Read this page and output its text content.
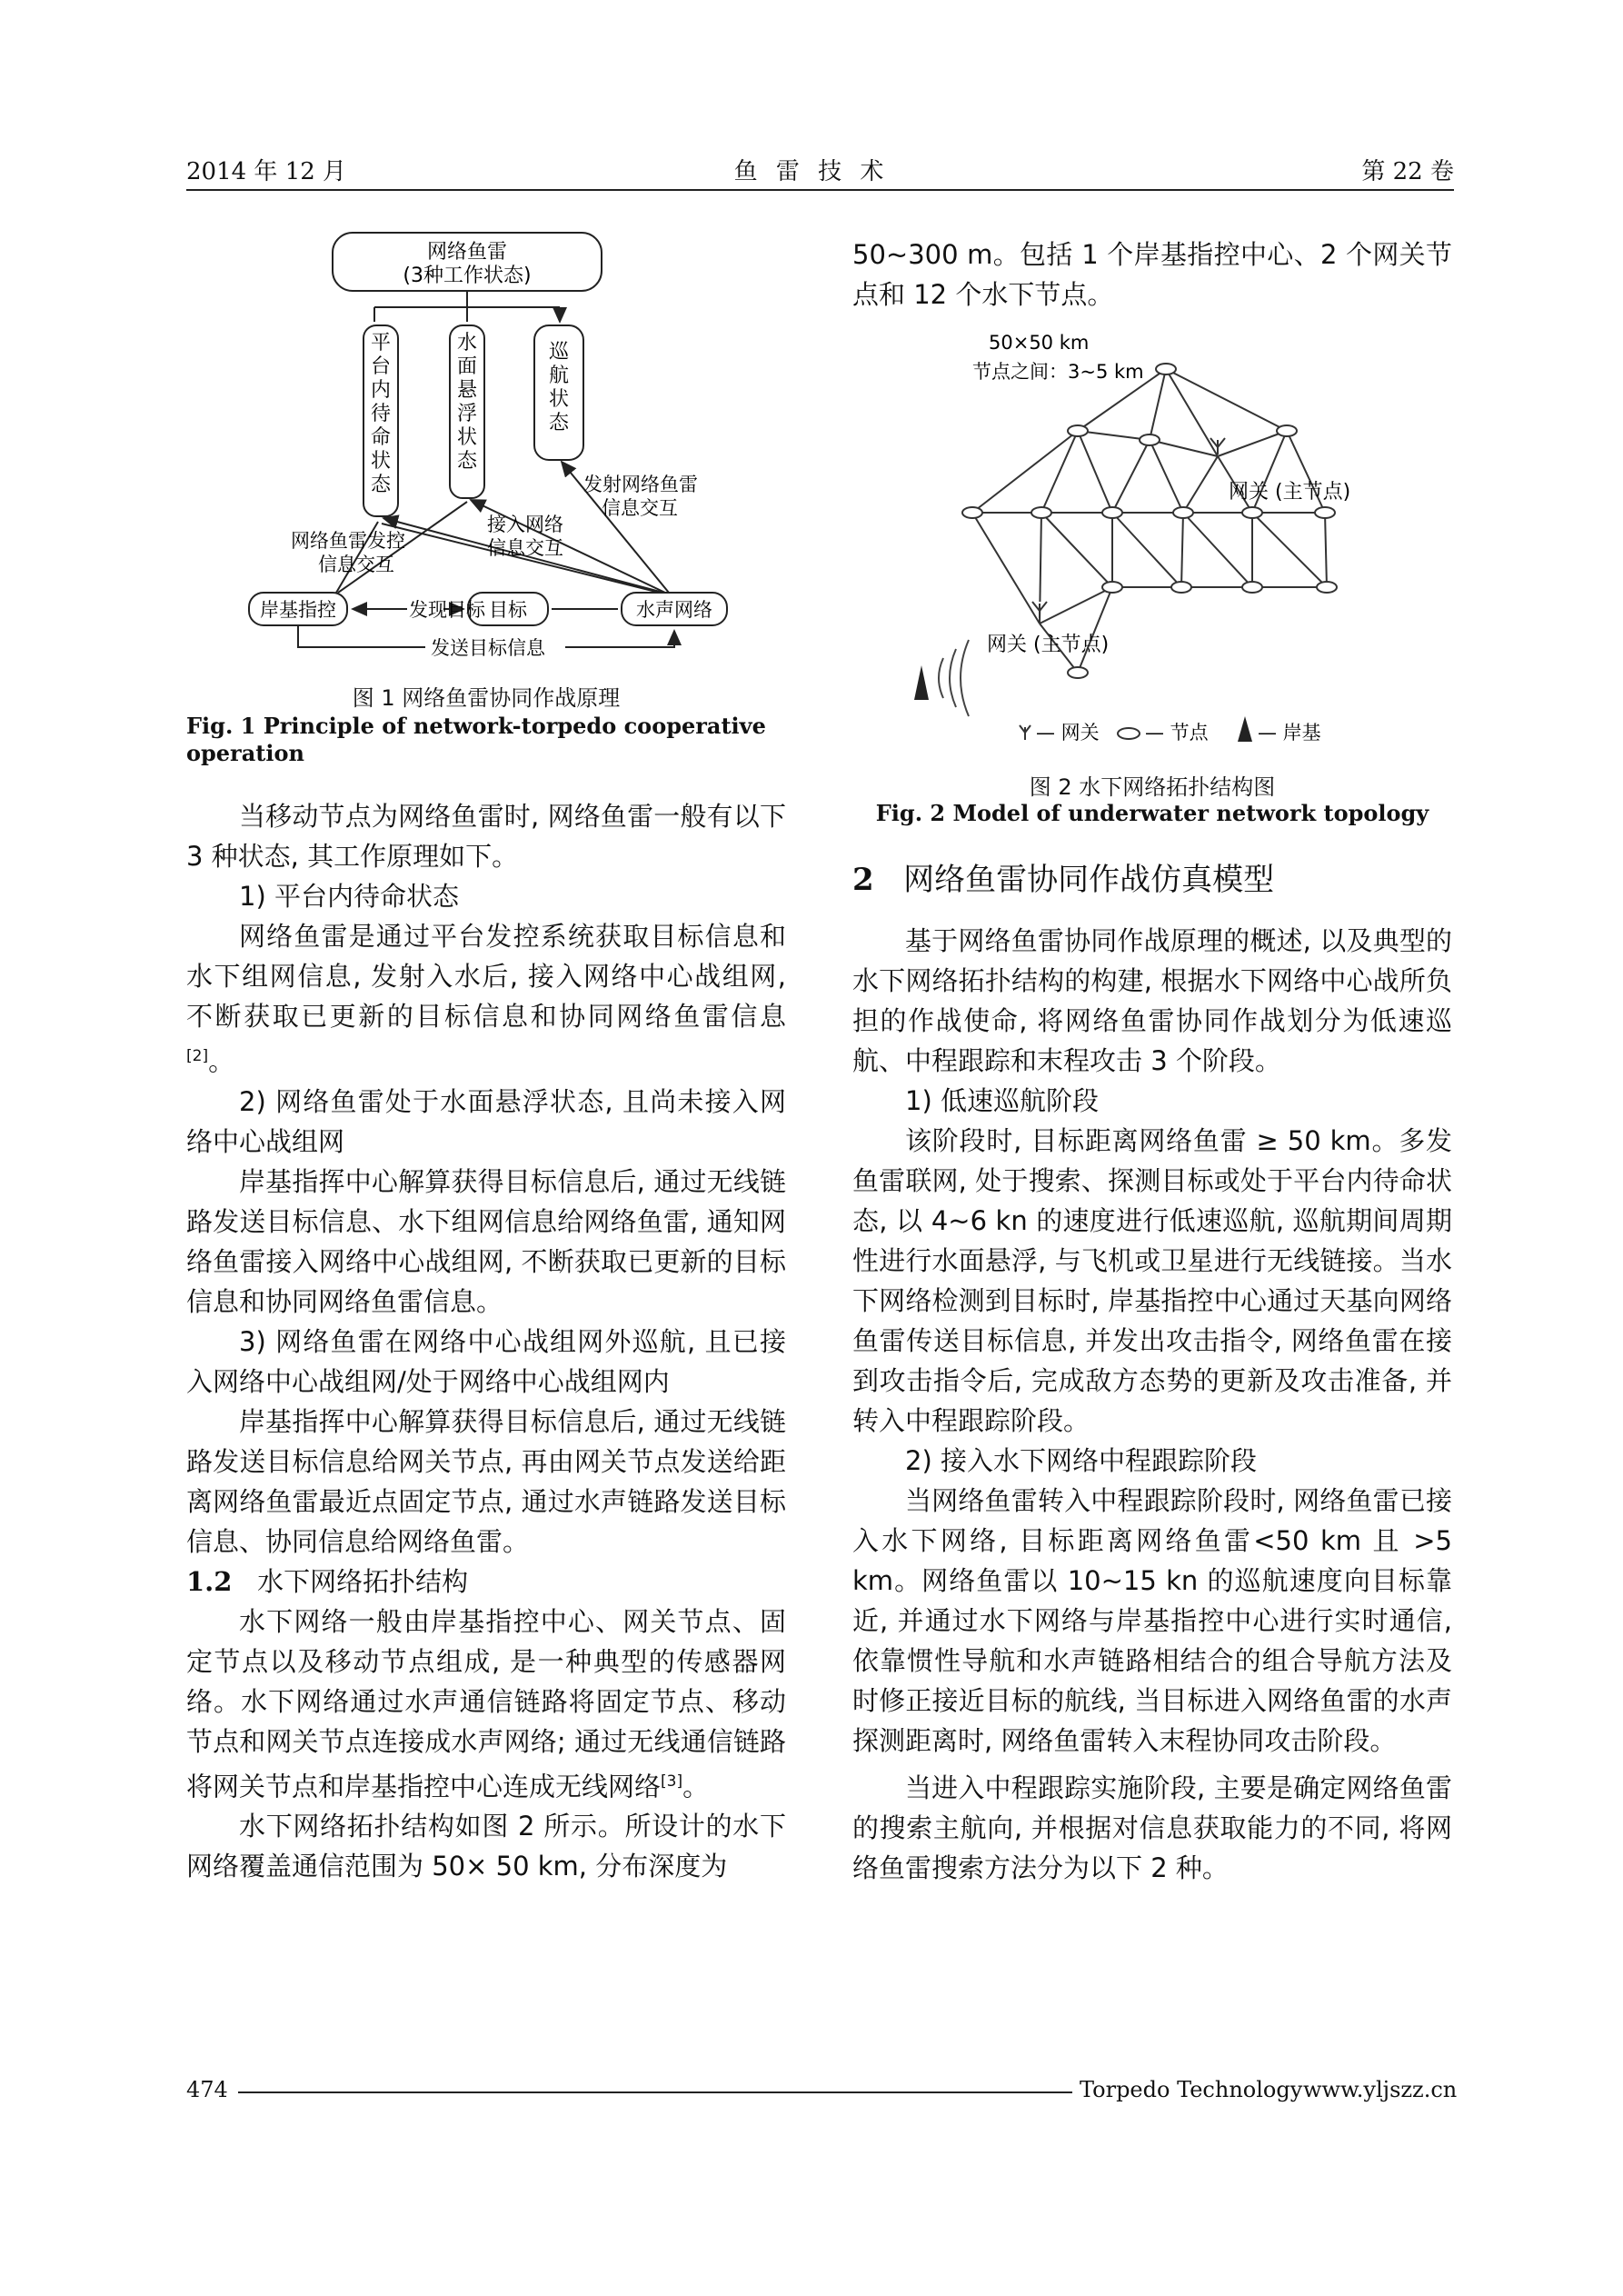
2014 年 12 月	鱼 雷 技 术	第 22 卷
网络鱼雷
(3种工作状态)
平
台
内
待
命
状
态
水
面
悬
浮
状
态
巡
航
状
态
发射网络鱼雷
信息交互
接入网络
信息交互
网络鱼雷发控
信息交互
岸基指控	发现目标 目标	水声网络
发送目标信息
图 1 网络鱼雷协同作战原理
Fig. 1 Principle of network-torpedo cooperative operation

当移动节点为网络鱼雷时, 网络鱼雷一般有以下 3 种状态, 其工作原理如下。

1) 平台内待命状态

网络鱼雷是通过平台发控系统获取目标信息和水下组网信息, 发射入水后, 接入网络中心战组网, 不断获取已更新的目标信息和协同网络鱼雷信息[2]。

2) 网络鱼雷处于水面悬浮状态, 且尚未接入网络中心战组网

岸基指挥中心解算获得目标信息后, 通过无线链路发送目标信息、水下组网信息给网络鱼雷, 通知网络鱼雷接入网络中心战组网, 不断获取已更新的目标信息和协同网络鱼雷信息。

3) 网络鱼雷在网络中心战组网外巡航, 且已接入网络中心战组网/处于网络中心战组网内

岸基指挥中心解算获得目标信息后, 通过无线链路发送目标信息给网关节点, 再由网关节点发送给距离网络鱼雷最近点固定节点, 通过水声链路发送目标信息、协同信息给网络鱼雷。

1.2 水下网络拓扑结构

水下网络一般由岸基指控中心、网关节点、固定节点以及移动节点组成, 是一种典型的传感器网络。水下网络通过水声通信链路将固定节点、移动节点和网关节点连接成水声网络; 通过无线通信链路将网关节点和岸基指控中心连成无线网络[3]。

水下网络拓扑结构如图 2 所示。所设计的水下网络覆盖通信范围为 50× 50 km, 分布深度为

50~300 m。包括 1 个岸基指控中心、2 个网关节点和 12 个水下节点。

50×50 km
节点之间：3~5 km
网关 (主节点)
网关 (主节点)
— 网关 — 节点	— 岸基
图 2 水下网络拓扑结构图
Fig. 2 Model of underwater network topology

2 网络鱼雷协同作战仿真模型

基于网络鱼雷协同作战原理的概述, 以及典型的水下网络拓扑结构的构建, 根据水下网络中心战所负担的作战使命, 将网络鱼雷协同作战划分为低速巡航、中程跟踪和末程攻击 3 个阶段。

1) 低速巡航阶段

该阶段时, 目标距离网络鱼雷 ≥ 50 km。多发鱼雷联网, 处于搜索、探测目标或处于平台内待命状态, 以 4~6 kn 的速度进行低速巡航, 巡航期间周期性进行水面悬浮, 与飞机或卫星进行无线链接。当水下网络检测到目标时, 岸基指控中心通过天基向网络鱼雷传送目标信息, 并发出攻击指令, 网络鱼雷在接到攻击指令后, 完成敌方态势的更新及攻击准备, 并转入中程跟踪阶段。

2) 接入水下网络中程跟踪阶段

当网络鱼雷转入中程跟踪阶段时, 网络鱼雷已接入水下网络, 目标距离网络鱼雷<50 km 且 >5 km。网络鱼雷以 10~15 kn 的巡航速度向目标靠近, 并通过水下网络与岸基指控中心进行实时通信, 依靠惯性导航和水声链路相结合的组合导航方法及时修正接近目标的航线, 当目标进入网络鱼雷的水声探测距离时, 网络鱼雷转入末程协同攻击阶段。

当进入中程跟踪实施阶段, 主要是确定网络鱼雷的搜索主航向, 并根据对信息获取能力的不同, 将网络鱼雷搜索方法分为以下 2 种。

474	Torpedo Technology www.yljszz.cn
